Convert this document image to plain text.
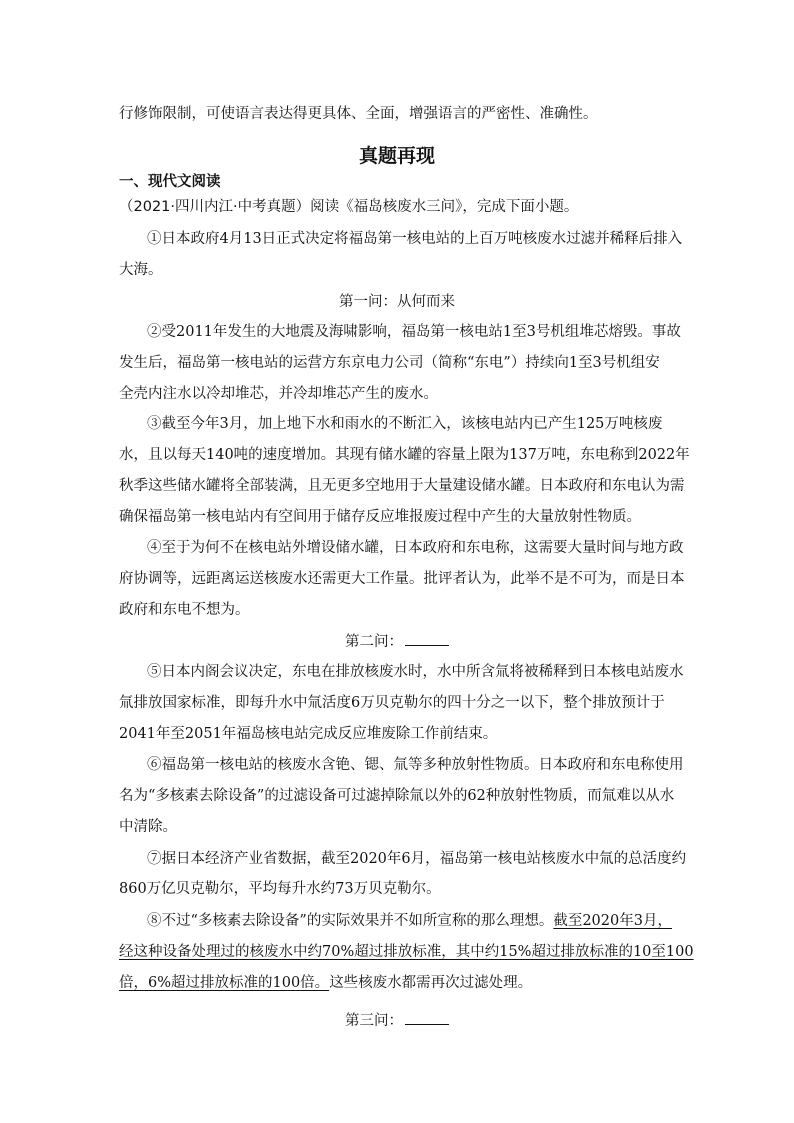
行修饰限制，可使语言表达得更具体、全面，增强语言的严密性、准确性。
真题再现
一、现代文阅读
（2021·四川内江·中考真题）阅读《福岛核废水三问》，完成下面小题。
①日本政府4月13日正式决定将福岛第一核电站的上百万吨核废水过滤并稀释后排入
大海。
第一问：从何而来
②受2011年发生的大地震及海啸影响，福岛第一核电站1至3号机组堆芯熔毁。事故
发生后，福岛第一核电站的运营方东京电力公司（简称“东电”）持续向1至3号机组安
全壳内注水以冷却堆芯，并冷却堆芯产生的废水。
③截至今年3月，加上地下水和雨水的不断汇入，该核电站内已产生125万吨核废
水，且以每天140吨的速度增加。其现有储水罐的容量上限为137万吨，东电称到2022年
秋季这些储水罐将全部装满，且无更多空地用于大量建设储水罐。日本政府和东电认为需
确保福岛第一核电站内有空间用于储存反应堆报废过程中产生的大量放射性物质。
④至于为何不在核电站外增设储水罐，日本政府和东电称，这需要大量时间与地方政
府协调等，远距离运送核废水还需更大工作量。批评者认为，此举不是不可为，而是日本
政府和东电不想为。
第二问：
⑤日本内阁会议决定，东电在排放核废水时，水中所含氚将被稀释到日本核电站废水
氚排放国家标准，即每升水中氚活度6万贝克勒尔的四十分之一以下，整个排放预计于
2041年至2051年福岛核电站完成反应堆废除工作前结束。
⑥福岛第一核电站的核废水含铯、锶、氚等多种放射性物质。日本政府和东电称使用
名为“多核素去除设备”的过滤设备可过滤掉除氚以外的62种放射性物质，而氚难以从水
中清除。
⑦据日本经济产业省数据，截至2020年6月，福岛第一核电站核废水中氚的总活度约
860万亿贝克勒尔，平均每升水约73万贝克勒尔。
⑧不过“多核素去除设备”的实际效果并不如所宣称的那么理想。截至2020年3月，
经这种设备处理过的核废水中约70%超过排放标准，其中约15%超过排放标准的10至100
倍，6%超过排放标准的100倍。这些核废水都需再次过滤处理。
第三问：
